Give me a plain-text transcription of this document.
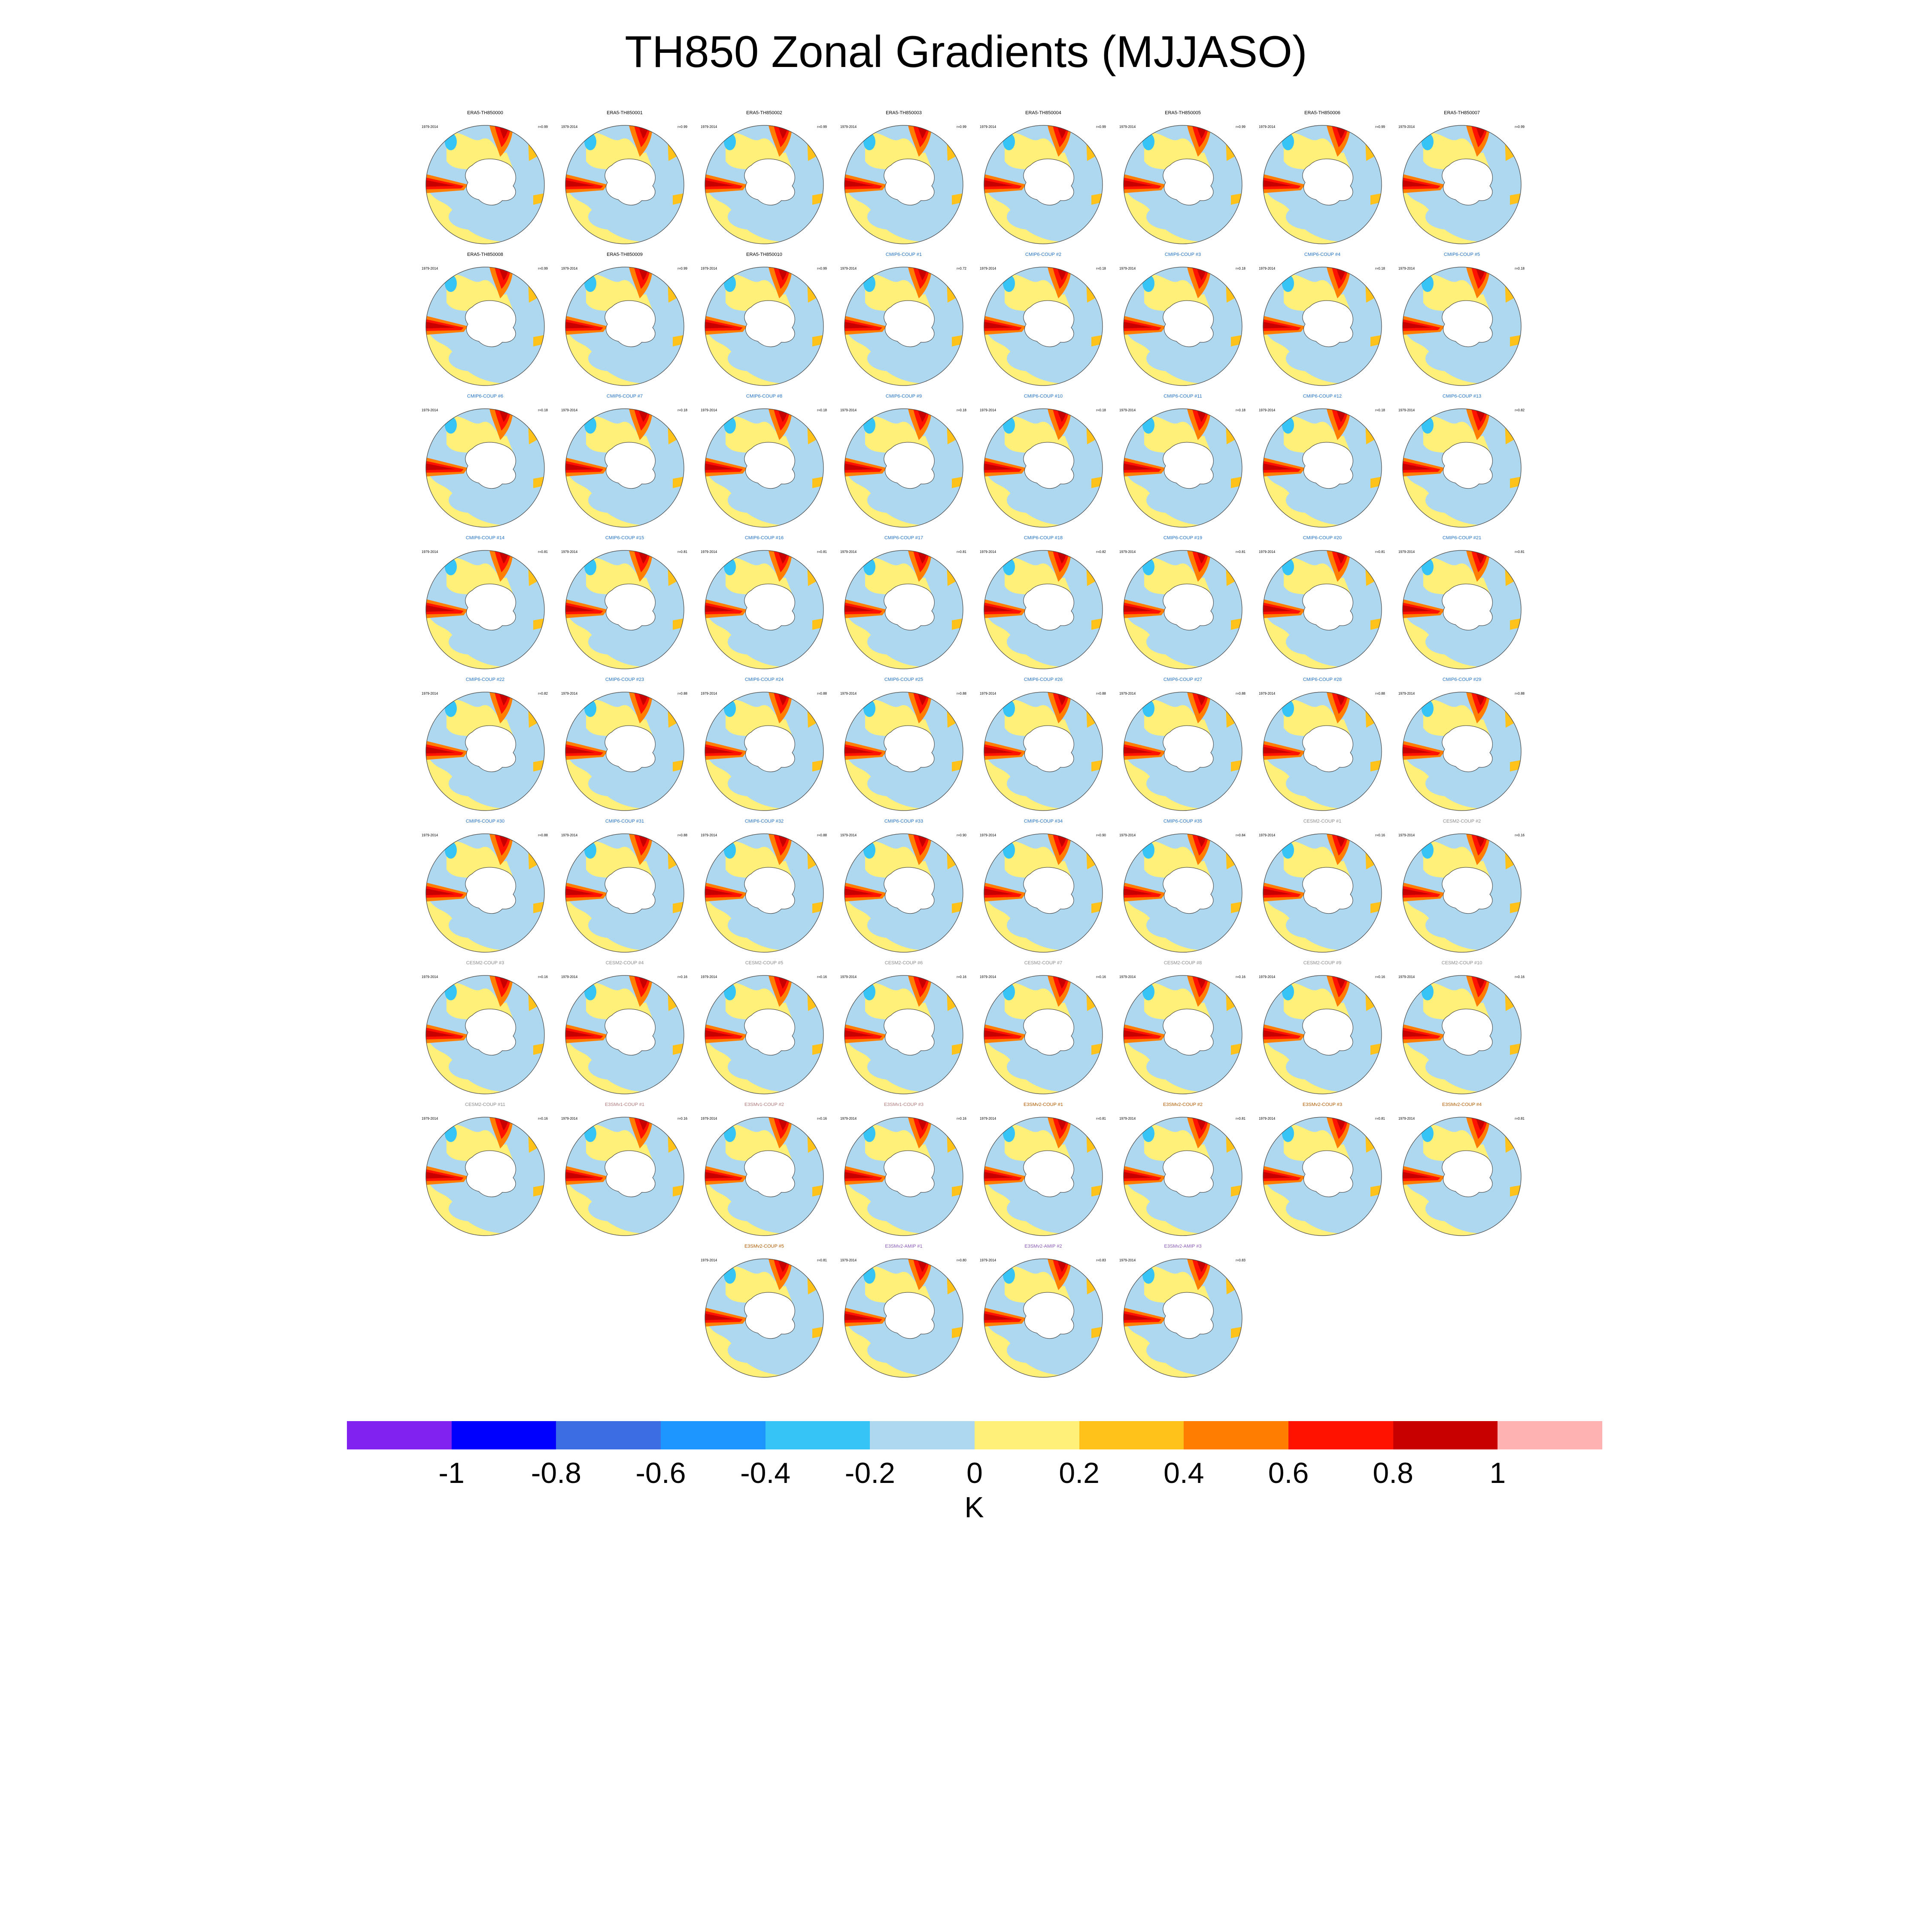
TH850 Zonal Gradients (MJJASO)
ERA5-TH850000
1979-2014	r=0.99
ERA5-TH850001
1979-2014	r=0.99
ERA5-TH850002
1979-2014	r=0.99
ERA5-TH850003
1979-2014	r=0.99
ERA5-TH850004
1979-2014	r=0.99
ERA5-TH850005
1979-2014	r=0.99
ERA5-TH850006
1979-2014	r=0.99
ERA5-TH850007
1979-2014	r=0.99
ERA5-TH850008
1979-2014	r=0.99
ERA5-TH850009
1979-2014	r=0.99
ERA5-TH850010
1979-2014	r=0.99
CMIP6-COUP #1
1979-2014	r=0.72
CMIP6-COUP #2
1979-2014	r=0.18
CMIP6-COUP #3
1979-2014	r=0.18
CMIP6-COUP #4
1979-2014	r=0.18
CMIP6-COUP #5
1979-2014	r=0.18
CMIP6-COUP #6
1979-2014	r=0.18
CMIP6-COUP #7
1979-2014	r=0.18
CMIP6-COUP #8
1979-2014	r=0.18
CMIP6-COUP #9
1979-2014	r=0.18
CMIP6-COUP #10
1979-2014	r=0.18
CMIP6-COUP #11
1979-2014	r=0.18
CMIP6-COUP #12
1979-2014	r=0.18
CMIP6-COUP #13
1979-2014	r=0.82
CMIP6-COUP #14
1979-2014	r=0.81
CMIP6-COUP #15
1979-2014	r=0.81
CMIP6-COUP #16
1979-2014	r=0.81
CMIP6-COUP #17
1979-2014	r=0.81
CMIP6-COUP #18
1979-2014	r=0.82
CMIP6-COUP #19
1979-2014	r=0.81
CMIP6-COUP #20
1979-2014	r=0.81
CMIP6-COUP #21
1979-2014	r=0.81
CMIP6-COUP #22
1979-2014	r=0.82
CMIP6-COUP #23
1979-2014	r=0.88
CMIP6-COUP #24
1979-2014	r=0.88
CMIP6-COUP #25
1979-2014	r=0.88
CMIP6-COUP #26
1979-2014	r=0.88
CMIP6-COUP #27
1979-2014	r=0.88
CMIP6-COUP #28
1979-2014	r=0.88
CMIP6-COUP #29
1979-2014	r=0.88
CMIP6-COUP #30
1979-2014	r=0.88
CMIP6-COUP #31
1979-2014	r=0.88
CMIP6-COUP #32
1979-2014	r=0.88
CMIP6-COUP #33
1979-2014	r=0.90
CMIP6-COUP #34
1979-2014	r=0.90
CMIP6-COUP #35
1979-2014	r=0.84
CESM2-COUP #1
1979-2014	r=0.16
CESM2-COUP #2
1979-2014	r=0.16
CESM2-COUP #3
1979-2014	r=0.16
CESM2-COUP #4
1979-2014	r=0.16
CESM2-COUP #5
1979-2014	r=0.16
CESM2-COUP #6
1979-2014	r=0.16
CESM2-COUP #7
1979-2014	r=0.16
CESM2-COUP #8
1979-2014	r=0.16
CESM2-COUP #9
1979-2014	r=0.16
CESM2-COUP #10
1979-2014	r=0.16
CESM2-COUP #11
1979-2014	r=0.16
E3SMv1-COUP #1
1979-2014	r=0.16
E3SMv1-COUP #2
1979-2014	r=0.16
E3SMv1-COUP #3
1979-2014	r=0.16
E3SMv2-COUP #1
1979-2014	r=0.81
E3SMv2-COUP #2
1979-2014	r=0.81
E3SMv2-COUP #3
1979-2014	r=0.81
E3SMv2-COUP #4
1979-2014	r=0.81
E3SMv2-COUP #5
1979-2014	r=0.81
E3SMv2-AMIP #1
1979-2014	r=0.80
E3SMv2-AMIP #2
1979-2014	r=0.83
E3SMv2-AMIP #3
1979-2014	r=0.83
-1 -0.8 -0.6 -0.4 -0.2 0	0.2 0.4 0.6 0.8	1
K
